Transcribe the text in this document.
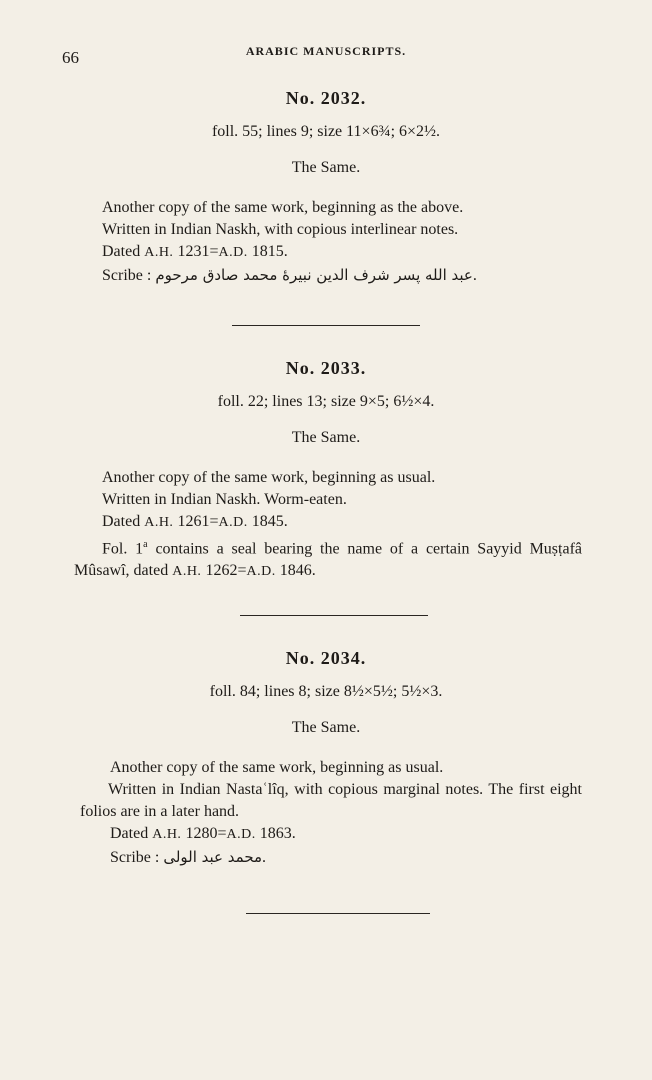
66	ARABIC MANUSCRIPTS.
No. 2032.
foll. 55; lines 9; size 11×6¾; 6×2½.
The Same.
Another copy of the same work, beginning as the above.
Written in Indian Naskh, with copious interlinear notes.
Dated A.H. 1231=A.D. 1815.
Scribe : عبد الله پسر شرف الدين نبيرهٔ محمد صادق مرحوم.
No. 2033.
foll. 22; lines 13; size 9×5; 6½×4.
The Same.
Another copy of the same work, beginning as usual.
Written in Indian Naskh. Worm-eaten.
Dated A.H. 1261=A.D. 1845.
Fol. 1$^a$ contains a seal bearing the name of a certain Sayyid Muṣṭafâ Mûsawî, dated A.H. 1262=A.D. 1846.
No. 2034.
foll. 84; lines 8; size 8½×5½; 5½×3.
The Same.
Another copy of the same work, beginning as usual.
Written in Indian Nastaʿlîq, with copious marginal notes. The first eight folios are in a later hand.
Dated A.H. 1280=A.D. 1863.
Scribe : محمد عبد الولى.
